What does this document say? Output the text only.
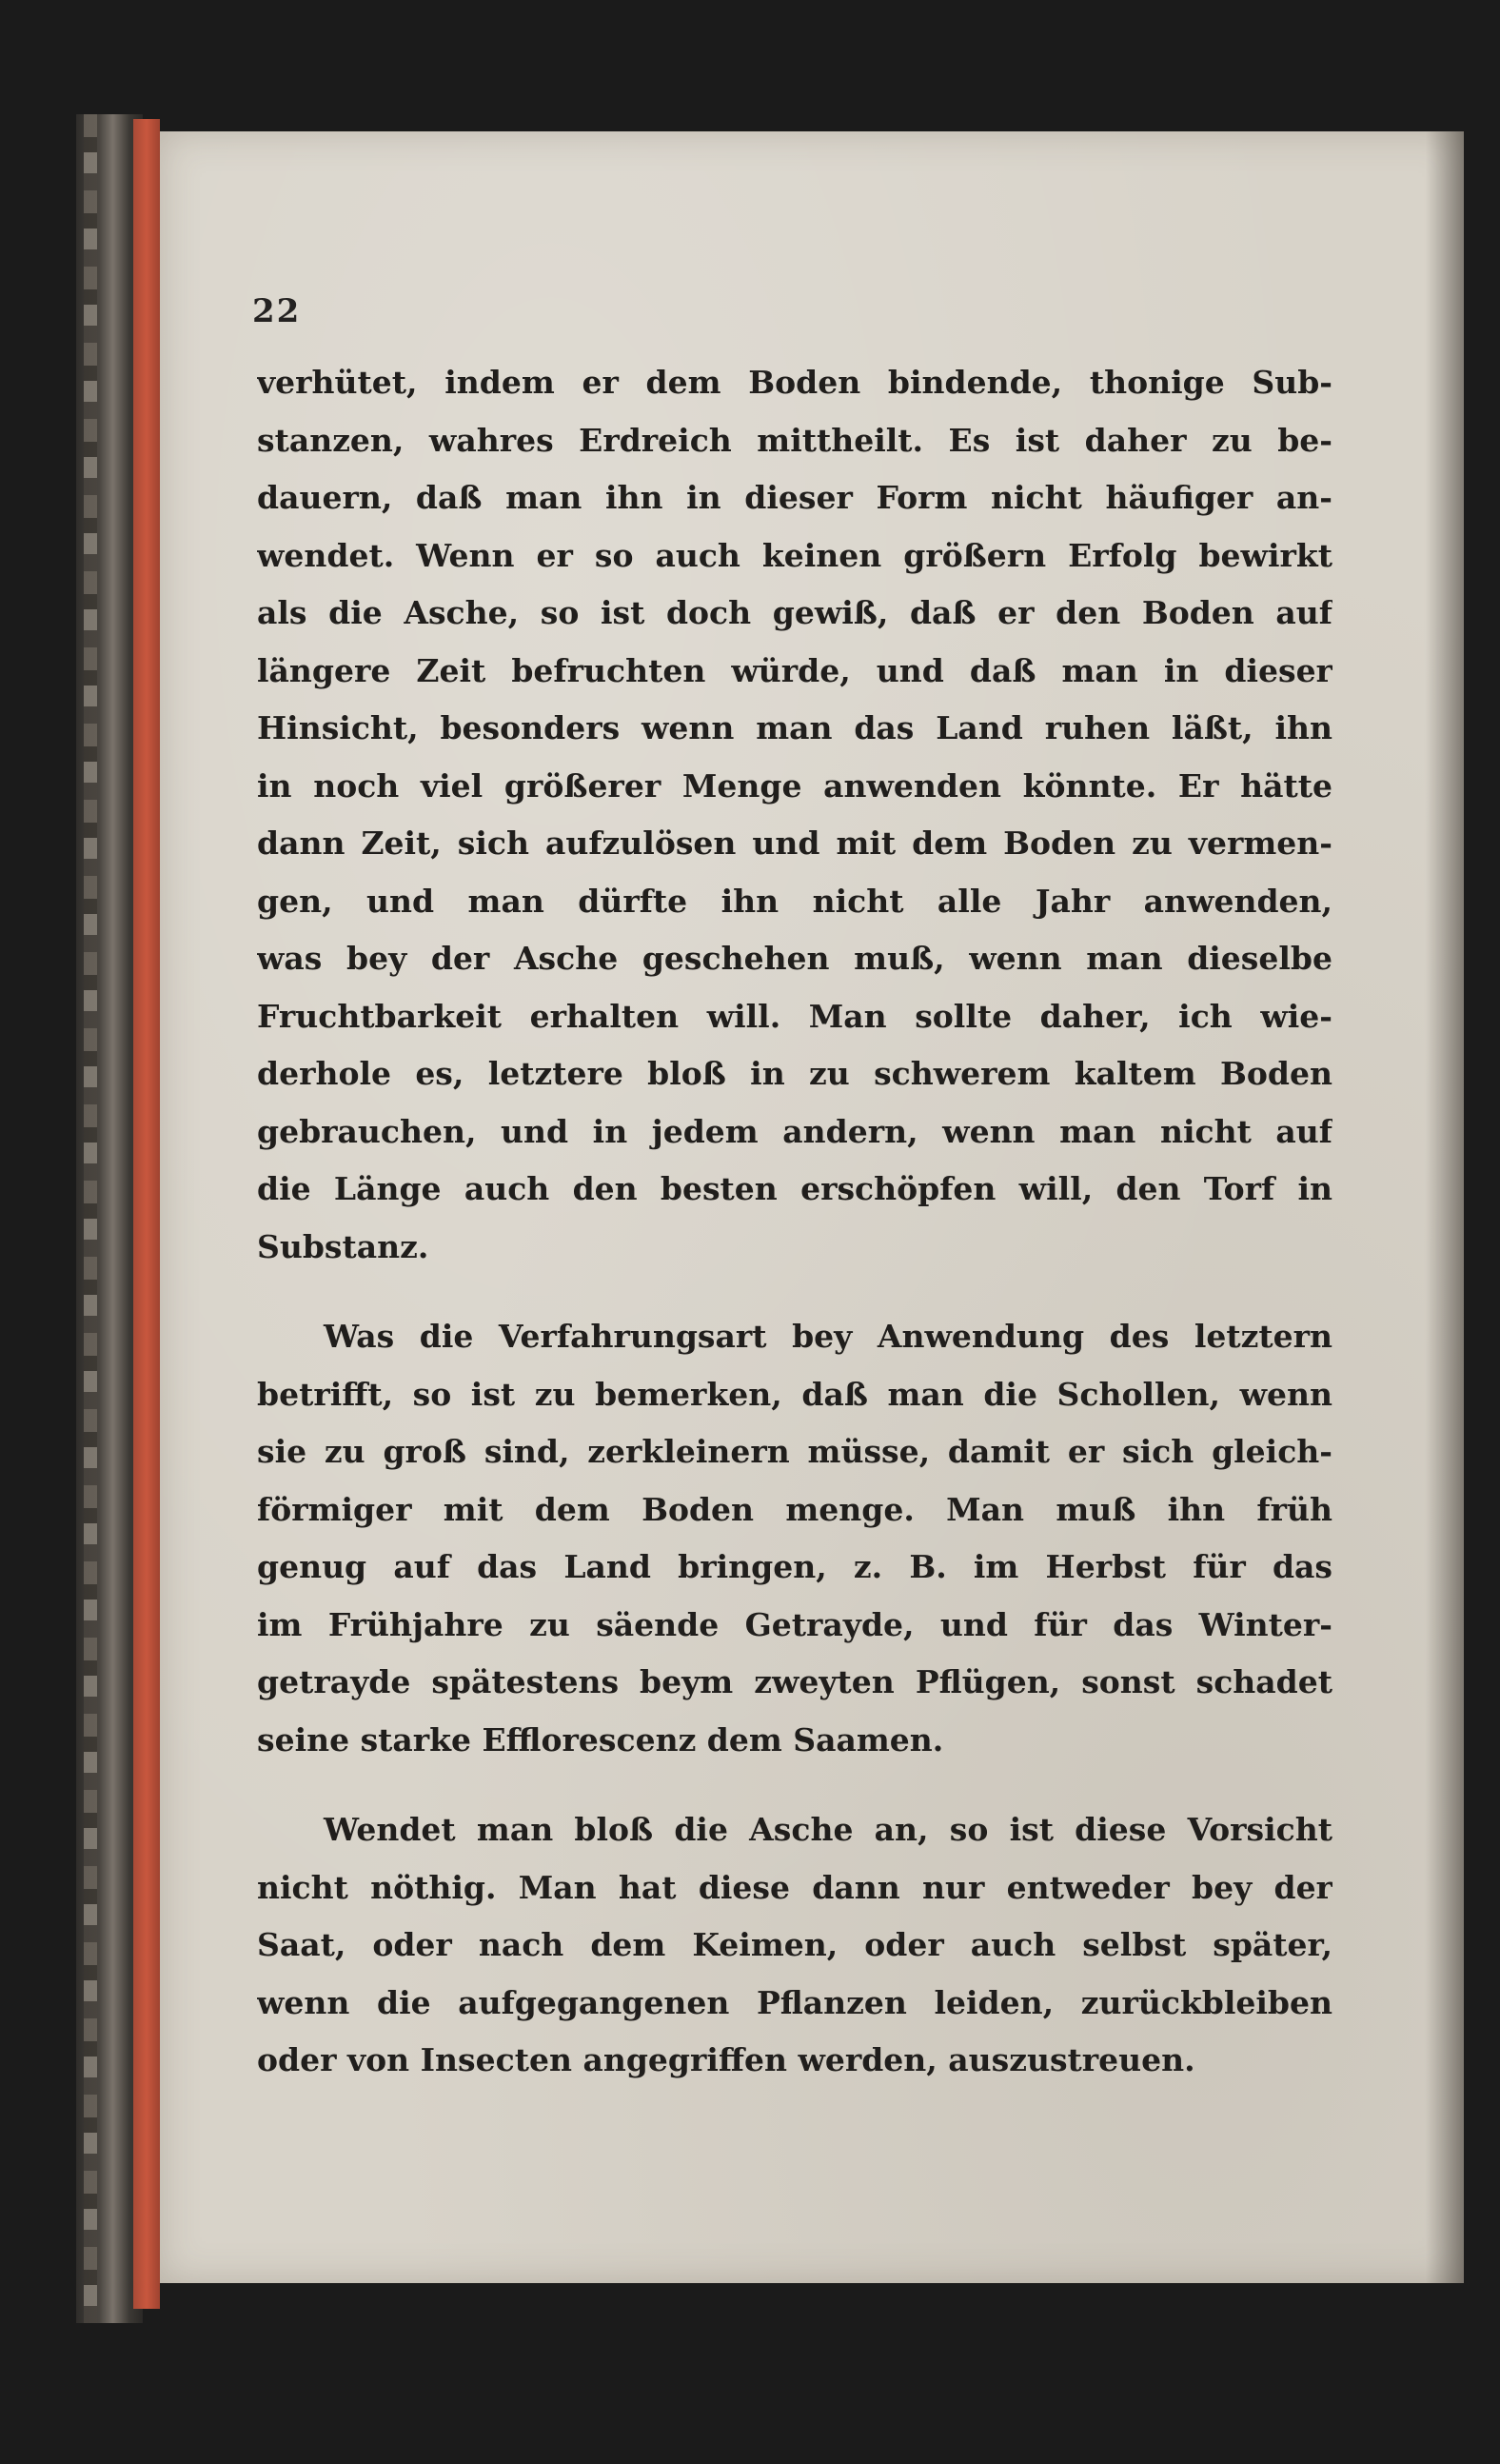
22
verhütet, indem er dem Boden bindende, thonige Sub-
stanzen, wahres Erdreich mittheilt. Es ist daher zu be-
dauern, daß man ihn in dieser Form nicht häufiger an-
wendet. Wenn er so auch keinen größern Erfolg bewirkt
als die Asche, so ist doch gewiß, daß er den Boden auf
längere Zeit befruchten würde, und daß man in dieser
Hinsicht, besonders wenn man das Land ruhen läßt, ihn
in noch viel größerer Menge anwenden könnte. Er hätte
dann Zeit, sich aufzulösen und mit dem Boden zu vermen-
gen, und man dürfte ihn nicht alle Jahr anwenden,
was bey der Asche geschehen muß, wenn man dieselbe
Fruchtbarkeit erhalten will. Man sollte daher, ich wie-
derhole es, letztere bloß in zu schwerem kaltem Boden
gebrauchen, und in jedem andern, wenn man nicht auf
die Länge auch den besten erschöpfen will, den Torf in
Substanz.
Was die Verfahrungsart bey Anwendung des letztern
betrifft, so ist zu bemerken, daß man die Schollen, wenn
sie zu groß sind, zerkleinern müsse, damit er sich gleich-
förmiger mit dem Boden menge. Man muß ihn früh
genug auf das Land bringen, z. B. im Herbst für das
im Frühjahre zu säende Getrayde, und für das Winter-
getrayde spätestens beym zweyten Pflügen, sonst schadet
seine starke Efflorescenz dem Saamen.
Wendet man bloß die Asche an, so ist diese Vorsicht
nicht nöthig. Man hat diese dann nur entweder bey der
Saat, oder nach dem Keimen, oder auch selbst später,
wenn die aufgegangenen Pflanzen leiden, zurückbleiben
oder von Insecten angegriffen werden, auszustreuen.
